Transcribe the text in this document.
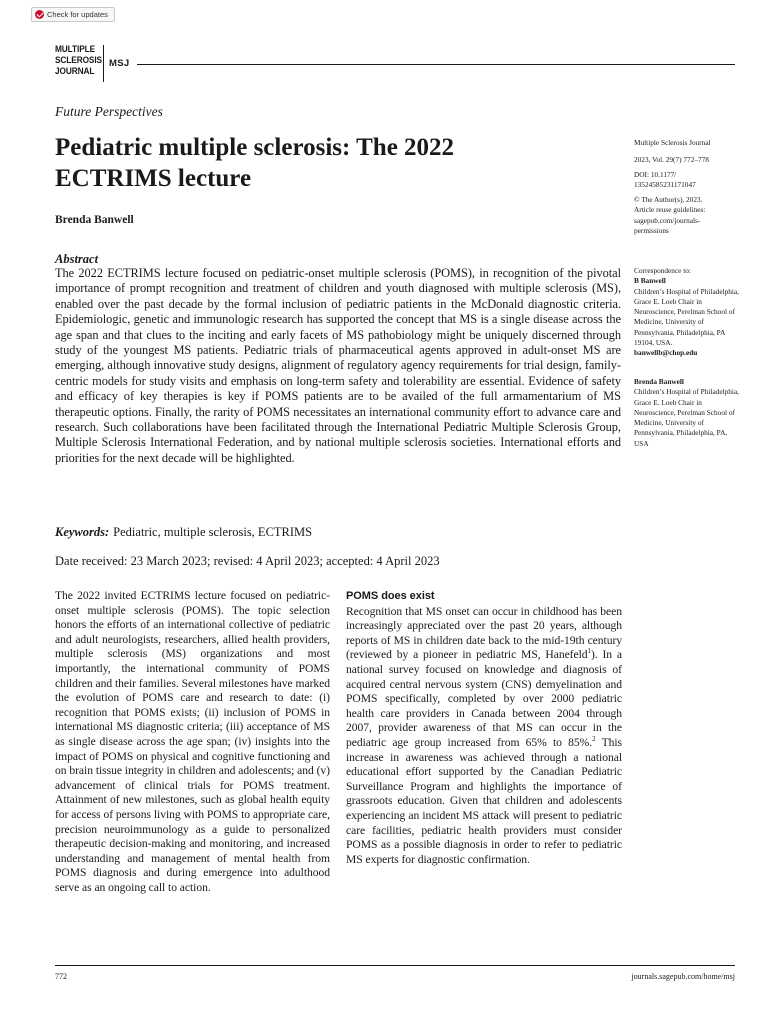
Check for updates
MULTIPLE
SCLEROSIS
JOURNAL
MSJ
Future Perspectives
Pediatric multiple sclerosis: The 2022 ECTRIMS lecture
Brenda Banwell
Multiple Sclerosis Journal
2023, Vol. 29(7) 772–778
DOI: 10.1177/
13524585231171047
© The Author(s), 2023.
Article reuse guidelines:
sagepub.com/journals-
permissions
Correspondence to:
B Banwell
Children’s Hospital of Philadelphia, Grace E. Loeb Chair in Neuroscience, Perelman School of Medicine, University of Pennsylvania, Philadelphia, PA 19104, USA.
banwellb@chop.edu
Brenda Banwell
Children’s Hospital of Philadelphia, Grace E. Loeb Chair in Neuroscience, Perelman School of Medicine, University of Pennsylvania, Philadelphia, PA, USA
Abstract
The 2022 ECTRIMS lecture focused on pediatric-onset multiple sclerosis (POMS), in recognition of the pivotal importance of prompt recognition and treatment of children and youth diagnosed with multiple sclerosis (MS), enabled over the past decade by the formal inclusion of pediatric patients in the McDonald diagnostic criteria. Epidemiologic, genetic and immunologic research has supported the concept that MS is a single disease across the age span and that clues to the inciting and early facets of MS pathobiology might be uniquely discerned through study of the youngest MS patients. Pediatric trials of pharmaceutical agents approved in adult-onset MS are emerging, although innovative study designs, alignment of regulatory agency requirements for trial design, family-centric models for study visits and emphasis on long-term safety and tolerability are essential. Evidence of safety and efficacy of key therapies is key if POMS patients are to be availed of the full armamentarium of MS therapeutic options. Finally, the rarity of POMS necessitates an international community effort to advance care and research. Such collaborations have been facilitated through the International Pediatric Multiple Sclerosis Group, Multiple Sclerosis International Federation, and by national multiple sclerosis societies. International efforts and priorities for the next decade will be highlighted.
Keywords: Pediatric, multiple sclerosis, ECTRIMS
Date received: 23 March 2023; revised: 4 April 2023; accepted: 4 April 2023
The 2022 invited ECTRIMS lecture focused on pediatric-onset multiple sclerosis (POMS). The topic selection honors the efforts of an international collective of pediatric and adult neurologists, researchers, allied health providers, multiple sclerosis (MS) organizations and most importantly, the international community of POMS children and their families. Several milestones have marked the evolution of POMS care and research to date: (i) recognition that POMS exists; (ii) inclusion of POMS in international MS diagnostic criteria; (iii) acceptance of MS as single disease across the age span; (iv) insights into the impact of POMS on physical and cognitive functioning and on brain tissue integrity in children and adolescents; and (v) advancement of clinical trials for POMS treatment. Attainment of new milestones, such as global health equity for access of persons living with POMS to appropriate care, precision neuroimmunology as a guide to personalized therapeutic decision-making and monitoring, and increased understanding and management of mental health from POMS diagnosis and during emergence into adulthood serve as an ongoing call to action.
POMS does exist
Recognition that MS onset can occur in childhood has been increasingly appreciated over the past 20 years, although reports of MS in children date back to the mid-19th century (reviewed by a pioneer in pediatric MS, Hanefeld$^1$). In a national survey focused on knowledge and diagnosis of acquired central nervous system (CNS) demyelination and POMS specifically, completed by over 2000 pediatric health care providers in Canada between 2004 through 2007, provider awareness of that MS can occur in the pediatric age group increased from 65% to 85%.$^2$ This increase in awareness was achieved through a national educational effort supported by the Canadian Pediatric Surveillance Program and highlights the importance of grassroots education. Given that children and adolescents experiencing an incident MS attack will present to pediatric care facilities, pediatric health providers must consider POMS as a possible diagnosis in order to refer to pediatric MS experts for diagnostic confirmation.
772	journals.sagepub.com/home/msj
